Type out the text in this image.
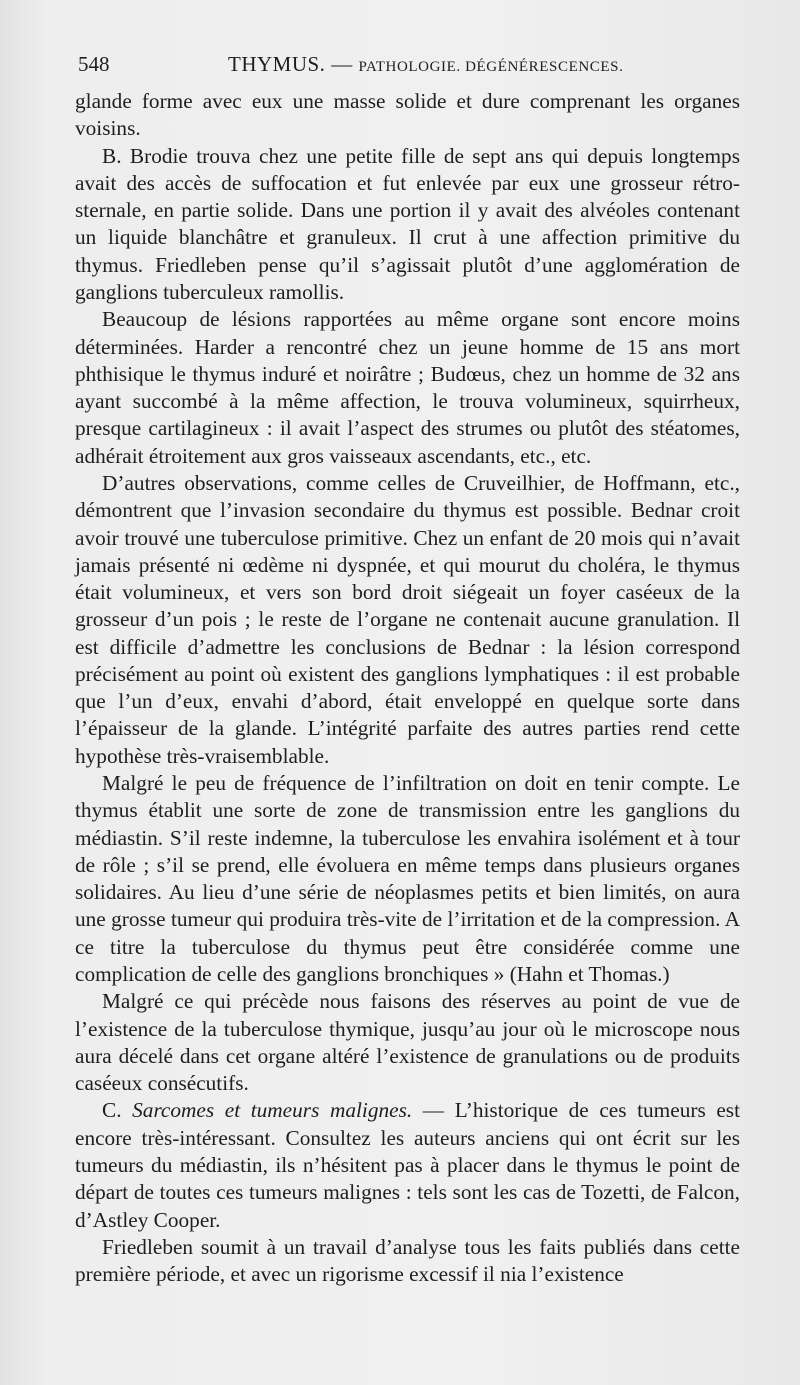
548	THYMUS. — PATHOLOGIE. DÉGÉNÉRESCENCES.

glande forme avec eux une masse solide et dure comprenant les organes voisins.

B. Brodie trouva chez une petite fille de sept ans qui depuis longtemps avait des accès de suffocation et fut enlevée par eux une grosseur rétro-sternale, en partie solide. Dans une portion il y avait des alvéoles contenant un liquide blanchâtre et granuleux. Il crut à une affection primitive du thymus. Friedleben pense qu’il s’agissait plutôt d’une agglomération de ganglions tuberculeux ramollis.

Beaucoup de lésions rapportées au même organe sont encore moins déterminées. Harder a rencontré chez un jeune homme de 15 ans mort phthisique le thymus induré et noirâtre ; Budœus, chez un homme de 32 ans ayant succombé à la même affection, le trouva volumineux, squirrheux, presque cartilagineux : il avait l’aspect des strumes ou plutôt des stéatomes, adhérait étroitement aux gros vaisseaux ascendants, etc., etc.

D’autres observations, comme celles de Cruveilhier, de Hoffmann, etc., démontrent que l’invasion secondaire du thymus est possible. Bednar croit avoir trouvé une tuberculose primitive. Chez un enfant de 20 mois qui n’avait jamais présenté ni œdème ni dyspnée, et qui mourut du choléra, le thymus était volumineux, et vers son bord droit siégeait un foyer caséeux de la grosseur d’un pois ; le reste de l’organe ne contenait aucune granulation. Il est difficile d’admettre les conclusions de Bednar : la lésion correspond précisément au point où existent des ganglions lymphatiques : il est probable que l’un d’eux, envahi d’abord, était enveloppé en quelque sorte dans l’épaisseur de la glande. L’intégrité parfaite des autres parties rend cette hypothèse très-vraisemblable.

Malgré le peu de fréquence de l’infiltration on doit en tenir compte. Le thymus établit une sorte de zone de transmission entre les ganglions du médiastin. S’il reste indemne, la tuberculose les envahira isolément et à tour de rôle ; s’il se prend, elle évoluera en même temps dans plusieurs organes solidaires. Au lieu d’une série de néoplasmes petits et bien limités, on aura une grosse tumeur qui produira très-vite de l’irritation et de la compression. A ce titre la tuberculose du thymus peut être considérée comme une complication de celle des ganglions bronchiques » (Hahn et Thomas.)

Malgré ce qui précède nous faisons des réserves au point de vue de l’existence de la tuberculose thymique, jusqu’au jour où le microscope nous aura décelé dans cet organe altéré l’existence de granulations ou de produits caséeux consécutifs.

C. Sarcomes et tumeurs malignes. — L’historique de ces tumeurs est encore très-intéressant. Consultez les auteurs anciens qui ont écrit sur les tumeurs du médiastin, ils n’hésitent pas à placer dans le thymus le point de départ de toutes ces tumeurs malignes : tels sont les cas de Tozetti, de Falcon, d’Astley Cooper.

Friedleben soumit à un travail d’analyse tous les faits publiés dans cette première période, et avec un rigorisme excessif il nia l’existence
